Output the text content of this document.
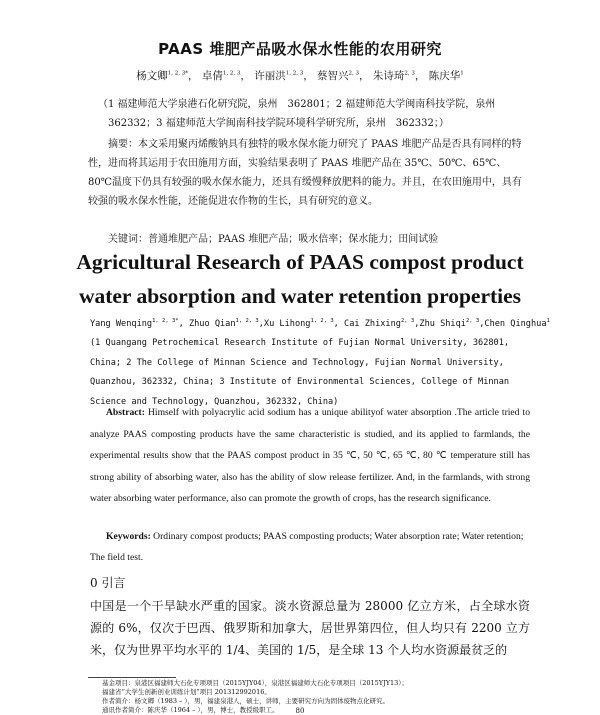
PAAS 堆肥产品吸水保水性能的农用研究
杨文卿$^{1, 2, 3*}$， 卓倩$^{1, 2, 3}$， 许丽洪$^{1, 2, 3}$， 蔡智兴$^{2, 3}$， 朱诗琦$^{2, 3}$， 陈庆华$^1$
（1 福建师范大学泉港石化研究院，泉州　362801；2 福建师范大学闽南科技学院，泉州
362332；3 福建师范大学闽南科技学院环境科学研究所，泉州　362332；）
摘要：本文采用聚丙烯酸钠具有独特的吸水保水能力研究了 PAAS 堆肥产品是否具有同样的特性，进而将其运用于农田施用方面，实验结果表明了 PAAS 堆肥产品在 35℃、50℃、65℃、80℃温度下仍具有较强的吸水保水能力，还具有缓慢释放肥料的能力。并且，在农田施用中，具有较强的吸水保水性能，还能促进农作物的生长，具有研究的意义。
关键词：普通堆肥产品；PAAS 堆肥产品；吸水倍率；保水能力；田间试验
Agricultural Research of PAAS compost product
water absorption and water retention properties
Yang Wenqing$^{1, 2, 3*}$, Zhuo Qian$^{1, 2, 3}$,Xu Lihong$^{1, 2, 3}$, Cai Zhixing$^{2, 3}$,Zhu Shiqi$^{2, 3}$,Chen Qinghua$^1$
(1 Quangang Petrochemical Research Institute of Fujian Normal University, 362801,
China; 2 The College of Minnan Science and Technology, Fujian Normal University,
Quanzhou, 362332, China; 3 Institute of Environmental Sciences, College of Minnan
Science and Technology, Quanzhou, 362332, China)
Abstract: Himself with polyacrylic acid sodium has a unique abilityof water absorption .The article tried to analyze PAAS composting products have the same characteristic is studied, and its applied to farmlands, the experimental results show that the PAAS compost product in 35 ℃, 50 ℃, 65 ℃, 80 ℃ temperature still has strong ability of absorbing water, also has the ability of slow release fertilizer. And, in the farmlands, with strong water absorbing water performance, also can promote the growth of crops, has the research significance.
Keywords: Ordinary compost products; PAAS composting products; Water absorption rate; Water retention; The field test.
0 引言
中国是一个干旱缺水严重的国家。淡水资源总量为 28000 亿立方米，占全球水资源的 6%，仅次于巴西、俄罗斯和加拿大，居世界第四位，但人均只有 2200 立方米，仅为世界平均水平的 1/4、美国的 1/5，是全球 13 个人均水资源最贫乏的
基金项目：泉港区福建师大石化专项项目（2015YJY04），泉港区福建师大石化专项项目（2015YJY13）；
福建省“大学生创新创业训练计划”项目 201312992016。
作者简介：杨文卿（1983 – ），男，福建泉港人，硕士，讲师，主要研究方向为固体废物点化研究。
通讯作者简介：陈庆华（1964 – ），男，博士，教授级职工。	80
